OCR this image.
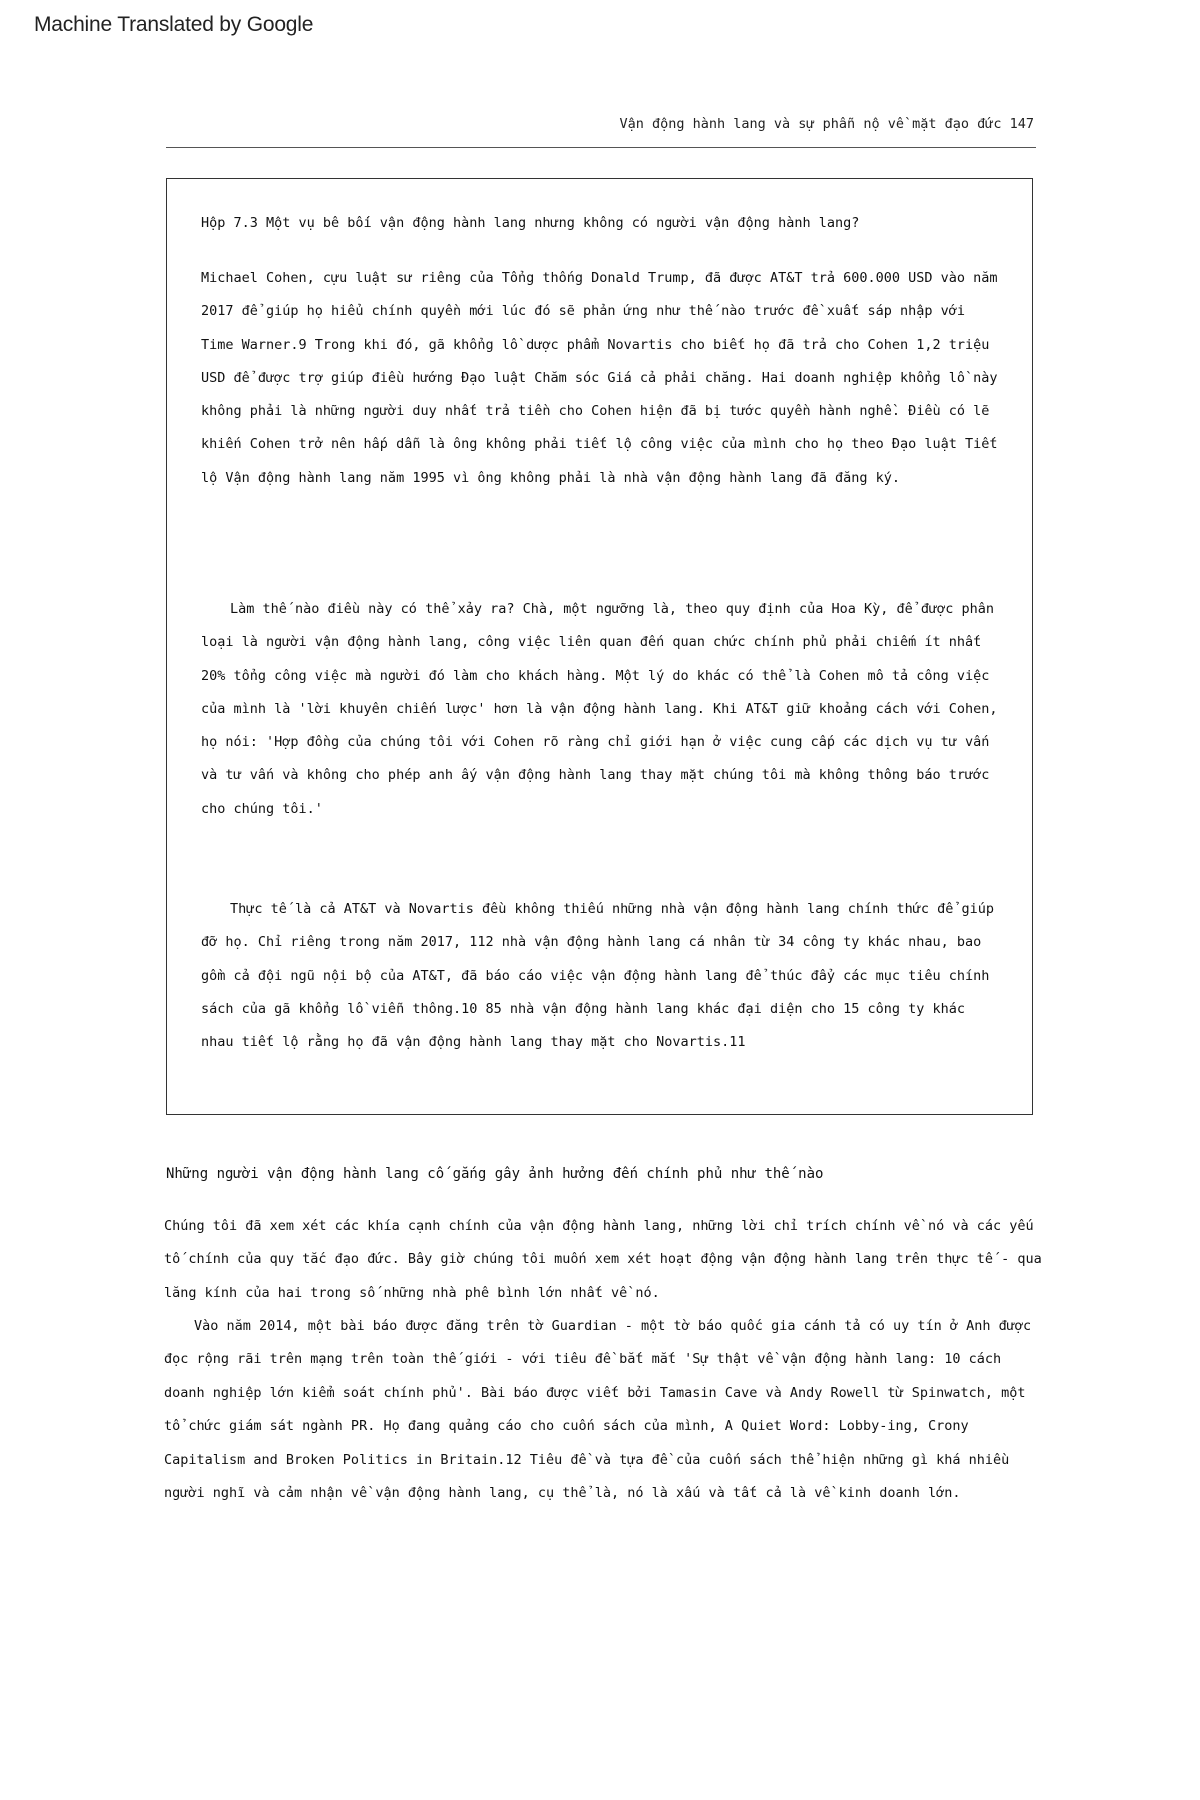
Machine Translated by Google
Vận động hành lang và sự phẫn nộ về mặt đạo đức 147
Hộp 7.3 Một vụ bê bối vận động hành lang nhưng không có người vận động hành lang?

Michael Cohen, cựu luật sư riêng của Tổng thống Donald Trump, đã được AT&T trả 600.000 USD vào năm 2017 để giúp họ hiểu chính quyền mới lúc đó sẽ phản ứng như thế nào trước đề xuất sáp nhập với Time Warner.9 Trong khi đó, gã khổng lồ dược phẩm Novartis cho biết họ đã trả cho Cohen 1,2 triệu USD để được trợ giúp điều hướng Đạo luật Chăm sóc Giá cả phải chăng. Hai doanh nghiệp khổng lồ này không phải là những người duy nhất trả tiền cho Cohen hiện đã bị tước quyền hành nghề. Điều có lẽ khiến Cohen trở nên hấp dẫn là ông không phải tiết lộ công việc của mình cho họ theo Đạo luật Tiết lộ Vận động hành lang năm 1995 vì ông không phải là nhà vận động hành lang đã đăng ký.

Làm thế nào điều này có thể xảy ra? Chà, một ngưỡng là, theo quy định của Hoa Kỳ, để được phân loại là người vận động hành lang, công việc liên quan đến quan chức chính phủ phải chiếm ít nhất 20% tổng công việc mà người đó làm cho khách hàng. Một lý do khác có thể là Cohen mô tả công việc của mình là 'lời khuyên chiến lược' hơn là vận động hành lang. Khi AT&T giữ khoảng cách với Cohen, họ nói: 'Hợp đồng của chúng tôi với Cohen rõ ràng chỉ giới hạn ở việc cung cấp các dịch vụ tư vấn và tư vấn và không cho phép anh ấy vận động hành lang thay mặt chúng tôi mà không thông báo trước cho chúng tôi.'

Thực tế là cả AT&T và Novartis đều không thiếu những nhà vận động hành lang chính thức để giúp đỡ họ. Chỉ riêng trong năm 2017, 112 nhà vận động hành lang cá nhân từ 34 công ty khác nhau, bao gồm cả đội ngũ nội bộ của AT&T, đã báo cáo việc vận động hành lang để thúc đẩy các mục tiêu chính sách của gã khổng lồ viễn thông.10 85 nhà vận động hành lang khác đại diện cho 15 công ty khác nhau tiết lộ rằng họ đã vận động hành lang thay mặt cho Novartis.11

Những người vận động hành lang cố gắng gây ảnh hưởng đến chính phủ như thế nào

Chúng tôi đã xem xét các khía cạnh chính của vận động hành lang, những lời chỉ trích chính về nó và các yếu tố chính của quy tắc đạo đức. Bây giờ chúng tôi muốn xem xét hoạt động vận động hành lang trên thực tế - qua lăng kính của hai trong số những nhà phê bình lớn nhất về nó.

Vào năm 2014, một bài báo được đăng trên tờ Guardian - một tờ báo quốc gia cánh tả có uy tín ở Anh được đọc rộng rãi trên mạng trên toàn thế giới - với tiêu đề bắt mắt 'Sự thật về vận động hành lang: 10 cách doanh nghiệp lớn kiểm soát chính phủ'. Bài báo được viết bởi Tamasin Cave và Andy Rowell từ Spinwatch, một tổ chức giám sát ngành PR. Họ đang quảng cáo cho cuốn sách của mình, A Quiet Word: Lobby-ing, Crony Capitalism and Broken Politics in Britain.12 Tiêu đề và tựa đề của cuốn sách thể hiện những gì khá nhiều người nghĩ và cảm nhận về vận động hành lang, cụ thể là, nó là xấu và tất cả là về kinh doanh lớn.
